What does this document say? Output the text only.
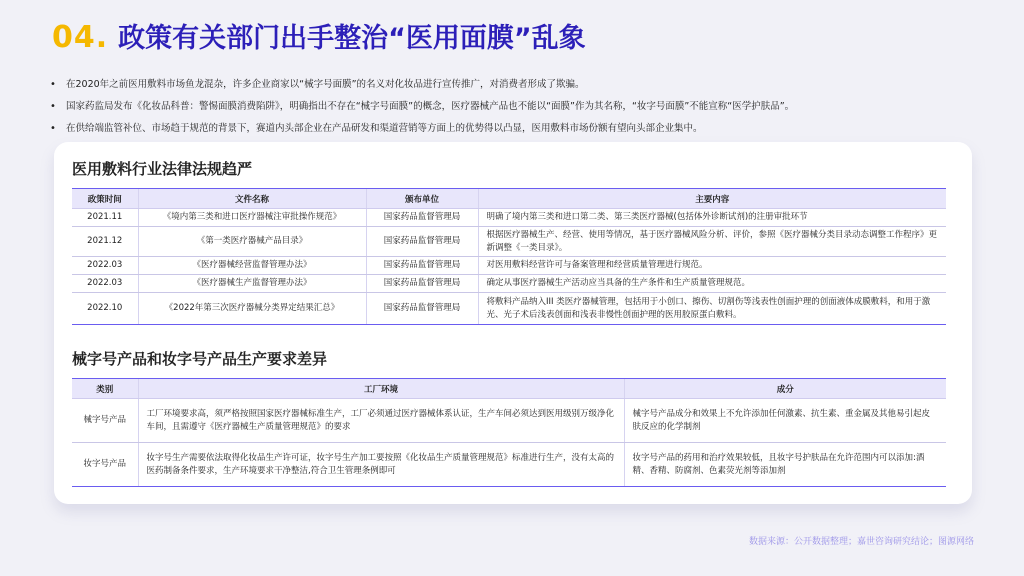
04. 政策有关部门出手整治“医用面膜”乱象
•	在2020年之前医用敷料市场鱼龙混杂，许多企业商家以“械字号面膜”的名义对化妆品进行宣传推广，对消费者形成了欺骗。
•	国家药监局发布《化妆品科普：警惕面膜消费陷阱》，明确指出不存在“械字号面膜”的概念，医疗器械产品也不能以“面膜”作为其名称，“妆字号面膜”不能宣称“医学护肤品”。
•	在供给端监管补位、市场趋于规范的背景下，赛道内头部企业在产品研发和渠道营销等方面上的优势得以凸显，医用敷料市场份额有望向头部企业集中。
医用敷料行业法律法规趋严
政策时间	文件名称	颁布单位	主要内容
2021.11	《境内第三类和进口医疗器械注审批操作规范》	国家药品监督管理局	明确了境内第三类和进口第二类、第三类医疗器械(包括体外诊断试剂)的注册审批环节
2021.12	《第一类医疗器械产品目录》	国家药品监督管理局	根据医疗器械生产、经营、使用等情况，基于医疗器械风险分析、评价，参照《医疗器械分类目录动态调整工作程序》更新调整《一类目录》。
2022.03	《医疗器械经营监督管理办法》	国家药品监督管理局	对医用敷料经营许可与备案管理和经营质量管理进行规范。
2022.03	《医疗器械生产监督管理办法》	国家药品监督管理局	确定从事医疗器械生产活动应当具备的生产条件和生产质量管理规范。
2022.10	《2022年第三次医疗器械分类界定结果汇总》	国家药品监督管理局	将敷料产品纳入III 类医疗器械管理，包括用于小创口、擦伤、切割伤等浅表性创面护理的创面液体成膜敷料，和用于激光、光子术后浅表创面和浅表非慢性创面护理的医用胶原蛋白敷料。
械字号产品和妆字号产品生产要求差异
类别	工厂环境	成分
械字号产品	工厂环境要求高，须严格按照国家医疗器械标准生产，工厂必须通过医疗器械体系认证，生产车间必须达到医用级别万级净化车间，且需遵守《医疗器械生产质量管理规范》的要求	械字号产品成分和效果上不允许添加任何激素、抗生素、重金属及其他易引起皮肤反应的化学制剂
妆字号产品	妆字号生产需要依法取得化妆品生产许可证，妆字号生产加工要按照《化妆品生产质量管理规范》标准进行生产，没有太高的医药制备条件要求，生产环境要求干净整洁,符合卫生管理条例即可	妆字号产品的药用和治疗效果较低，且妆字号护肤品在允许范围内可以添加:酒精、香精、防腐剂、色素荧光剂等添加剂
数据来源：公开数据整理；嘉世咨询研究结论；图源网络
